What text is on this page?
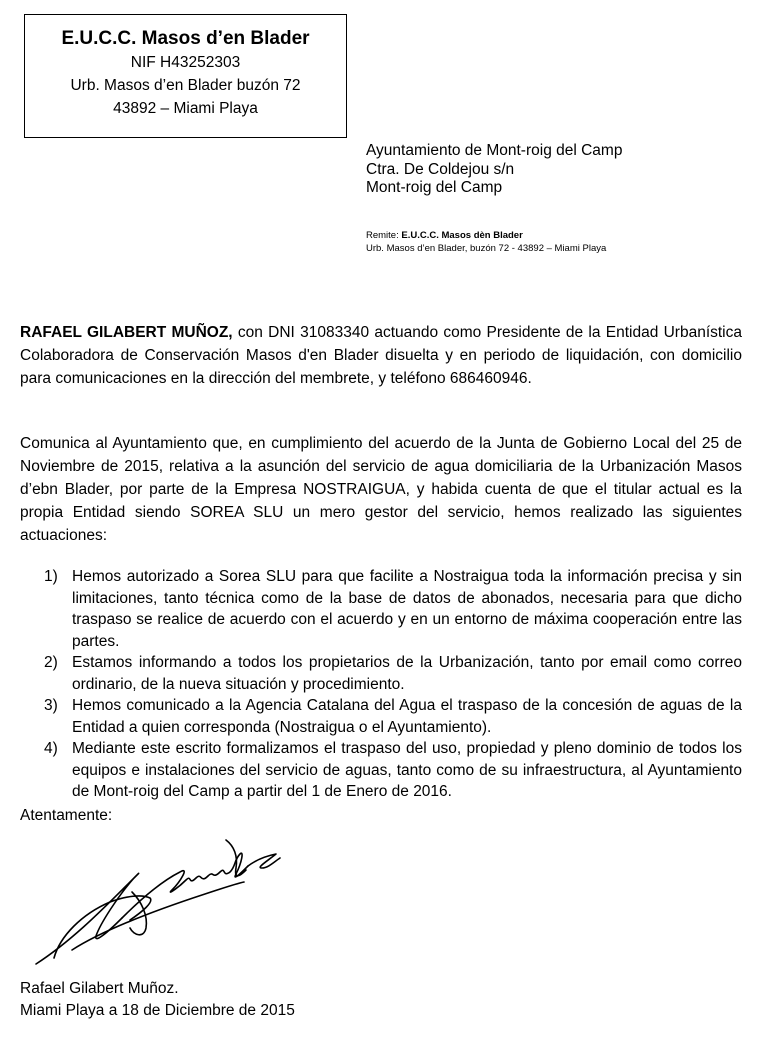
E.U.C.C. Masos d’en Blader
NIF H43252303
Urb. Masos d’en Blader buzón 72
43892 – Miami Playa
Ayuntamiento de Mont-roig del Camp
Ctra. De Coldejou s/n
Mont-roig del Camp
Remite: E.U.C.C. Masos dèn Blader
Urb. Masos d’en Blader, buzón 72 - 43892 – Miami Playa
RAFAEL GILABERT MUÑOZ, con DNI 31083340 actuando como Presidente de la Entidad Urbanística Colaboradora de Conservación Masos d'en Blader disuelta y en periodo de liquidación, con domicilio para comunicaciones en la dirección del membrete, y teléfono 686460946.
Comunica al Ayuntamiento que, en cumplimiento del acuerdo de la Junta de Gobierno Local del 25 de Noviembre de 2015, relativa a la asunción del servicio de agua domiciliaria de la Urbanización Masos d’ebn Blader, por parte de la Empresa NOSTRAIGUA, y habida cuenta de que el titular actual es la propia Entidad siendo SOREA SLU un mero gestor del servicio, hemos realizado las siguientes actuaciones:
1) Hemos autorizado a Sorea SLU para que facilite a Nostraigua toda la información precisa y sin limitaciones, tanto técnica como de la base de datos de abonados, necesaria para que dicho traspaso se realice de acuerdo con el acuerdo y en un entorno de máxima cooperación entre las partes.
2) Estamos informando a todos los propietarios de la Urbanización, tanto por email como correo ordinario, de la nueva situación y procedimiento.
3) Hemos comunicado a la Agencia Catalana del Agua el traspaso de la concesión de aguas de la Entidad a quien corresponda (Nostraigua o el Ayuntamiento).
4) Mediante este escrito formalizamos el traspaso del uso, propiedad y pleno dominio de todos los equipos e instalaciones del servicio de aguas, tanto como de su infraestructura, al Ayuntamiento de Mont-roig del Camp a partir del 1 de Enero de 2016.
Atentamente:
Rafael Gilabert Muñoz.
Miami Playa a 18 de Diciembre de 2015
